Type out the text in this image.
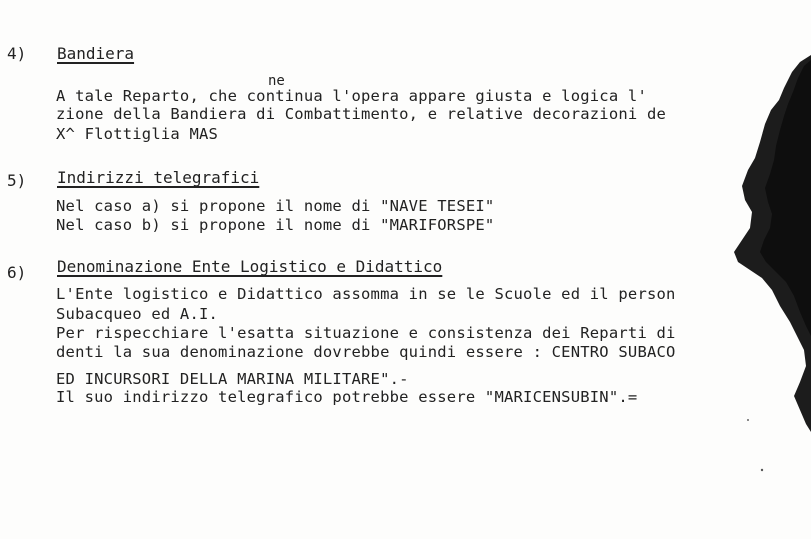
4) Bandiera
ne
A tale Reparto, che continua l'opera appare giusta e logica l'
zione della Bandiera di Combattimento, e relative decorazioni de
X^ Flottiglia MAS
5) Indirizzi telegrafici
Nel caso a) si propone il nome di "NAVE TESEI"
Nel caso b) si propone il nome di "MARIFORSPE"
6) Denominazione Ente Logistico e Didattico
L'Ente logistico e Didattico assomma in se le Scuole ed il person
Subacqueo ed A.I.
Per rispecchiare l'esatta situazione e consistenza dei Reparti di
denti la sua denominazione dovrebbe quindi essere : CENTRO SUBACO
ED INCURSORI DELLA MARINA MILITARE".-
Il suo indirizzo telegrafico potrebbe essere "MARICENSUBIN".=
